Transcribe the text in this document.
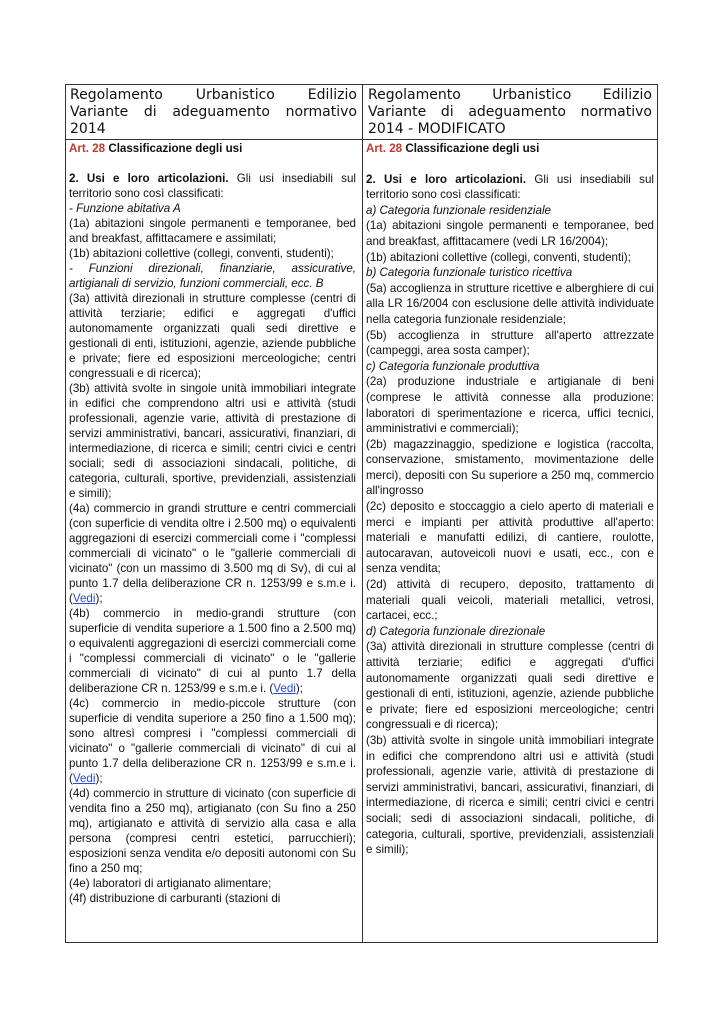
Regolamento Urbanistico Edilizio
Variante di adeguamento normativo
2014
Regolamento Urbanistico Edilizio
Variante di adeguamento normativo
2014 - MODIFICATO

Art. 28 Classificazione degli usi

2. Usi e loro articolazioni. Gli usi insediabili sul territorio sono così classificati:

- Funzione abitativa A

(1a) abitazioni singole permanenti e temporanee, bed and breakfast, affittacamere e assimilati;

(1b) abitazioni collettive (collegi, conventi, studenti);

- Funzioni direzionali, finanziarie, assicurative, artigianali di servizio, funzioni commerciali, ecc. B

(3a) attività direzionali in strutture complesse (centri di attività terziarie; edifici e aggregati d'uffici autonomamente organizzati quali sedi direttive e gestionali di enti, istituzioni, agenzie, aziende pubbliche e private; fiere ed esposizioni merceologiche; centri congressuali e di ricerca);

(3b) attività svolte in singole unità immobiliari integrate in edifici che comprendono altri usi e attività (studi professionali, agenzie varie, attività di prestazione di servizi amministrativi, bancari, assicurativi, finanziari, di intermediazione, di ricerca e simili; centri civici e centri sociali; sedi di associazioni sindacali, politiche, di categoria, culturali, sportive, previdenziali, assistenziali e simili);

(4a) commercio in grandi strutture e centri commerciali (con superficie di vendita oltre i 2.500 mq) o equivalenti aggregazioni di esercizi commerciali come i "complessi commerciali di vicinato" o le "gallerie commerciali di vicinato" (con un massimo di 3.500 mq di Sv), di cui al punto 1.7 della deliberazione CR n. 1253/99 e s.m.e i. (Vedi);

(4b) commercio in medio-grandi strutture (con superficie di vendita superiore a 1.500 fino a 2.500 mq) o equivalenti aggregazioni di esercizi commerciali come i "complessi commerciali di vicinato" o le "gallerie commerciali di vicinato" di cui al punto 1.7 della deliberazione CR n. 1253/99 e s.m.e i. (Vedi);

(4c) commercio in medio-piccole strutture (con superficie di vendita superiore a 250 fino a 1.500 mq); sono altresì compresi i "complessi commerciali di vicinato" o "gallerie commerciali di vicinato" di cui al punto 1.7 della deliberazione CR n. 1253/99 e s.m.e i. (Vedi);

(4d) commercio in strutture di vicinato (con superficie di vendita fino a 250 mq), artigianato (con Su fino a 250 mq), artigianato e attività di servizio alla casa e alla persona (compresi centri estetici, parrucchieri); esposizioni senza vendita e/o depositi autonomi con Su fino a 250 mq;

(4e) laboratori di artigianato alimentare;

(4f) distribuzione di carburanti (stazioni di

Art. 28 Classificazione degli usi

2. Usi e loro articolazioni. Gli usi insediabili sul territorio sono così classificati:

a) Categoria funzionale residenziale

(1a) abitazioni singole permanenti e temporanee, bed and breakfast, affittacamere (vedi LR 16/2004);

(1b) abitazioni collettive (collegi, conventi, studenti);

b) Categoria funzionale turistico ricettiva

(5a) accoglienza in strutture ricettive e alberghiere di cui alla LR 16/2004 con esclusione delle attività individuate nella categoria funzionale residenziale;

(5b) accoglienza in strutture all'aperto attrezzate (campeggi, area sosta camper);

c) Categoria funzionale produttiva

(2a) produzione industriale e artigianale di beni (comprese le attività connesse alla produzione: laboratori di sperimentazione e ricerca, uffici tecnici, amministrativi e commerciali);

(2b) magazzinaggio, spedizione e logistica (raccolta, conservazione, smistamento, movimentazione delle merci), depositi con Su superiore a 250 mq, commercio all'ingrosso

(2c) deposito e stoccaggio a cielo aperto di materiali e merci e impianti per attività produttive all'aperto: materiali e manufatti edilizi, di cantiere, roulotte, autocaravan, autoveicoli nuovi e usati, ecc., con e senza vendita;

(2d) attività di recupero, deposito, trattamento di materiali quali veicoli, materiali metallici, vetrosi, cartacei, ecc.;

d) Categoria funzionale direzionale

(3a) attività direzionali in strutture complesse (centri di attività terziarie; edifici e aggregati d'uffici autonomamente organizzati quali sedi direttive e gestionali di enti, istituzioni, agenzie, aziende pubbliche e private; fiere ed esposizioni merceologiche; centri congressuali e di ricerca);

(3b) attività svolte in singole unità immobiliari integrate in edifici che comprendono altri usi e attività (studi professionali, agenzie varie, attività di prestazione di servizi amministrativi, bancari, assicurativi, finanziari, di intermediazione, di ricerca e simili; centri civici e centri sociali; sedi di associazioni sindacali, politiche, di categoria, culturali, sportive, previdenziali, assistenziali e simili);
